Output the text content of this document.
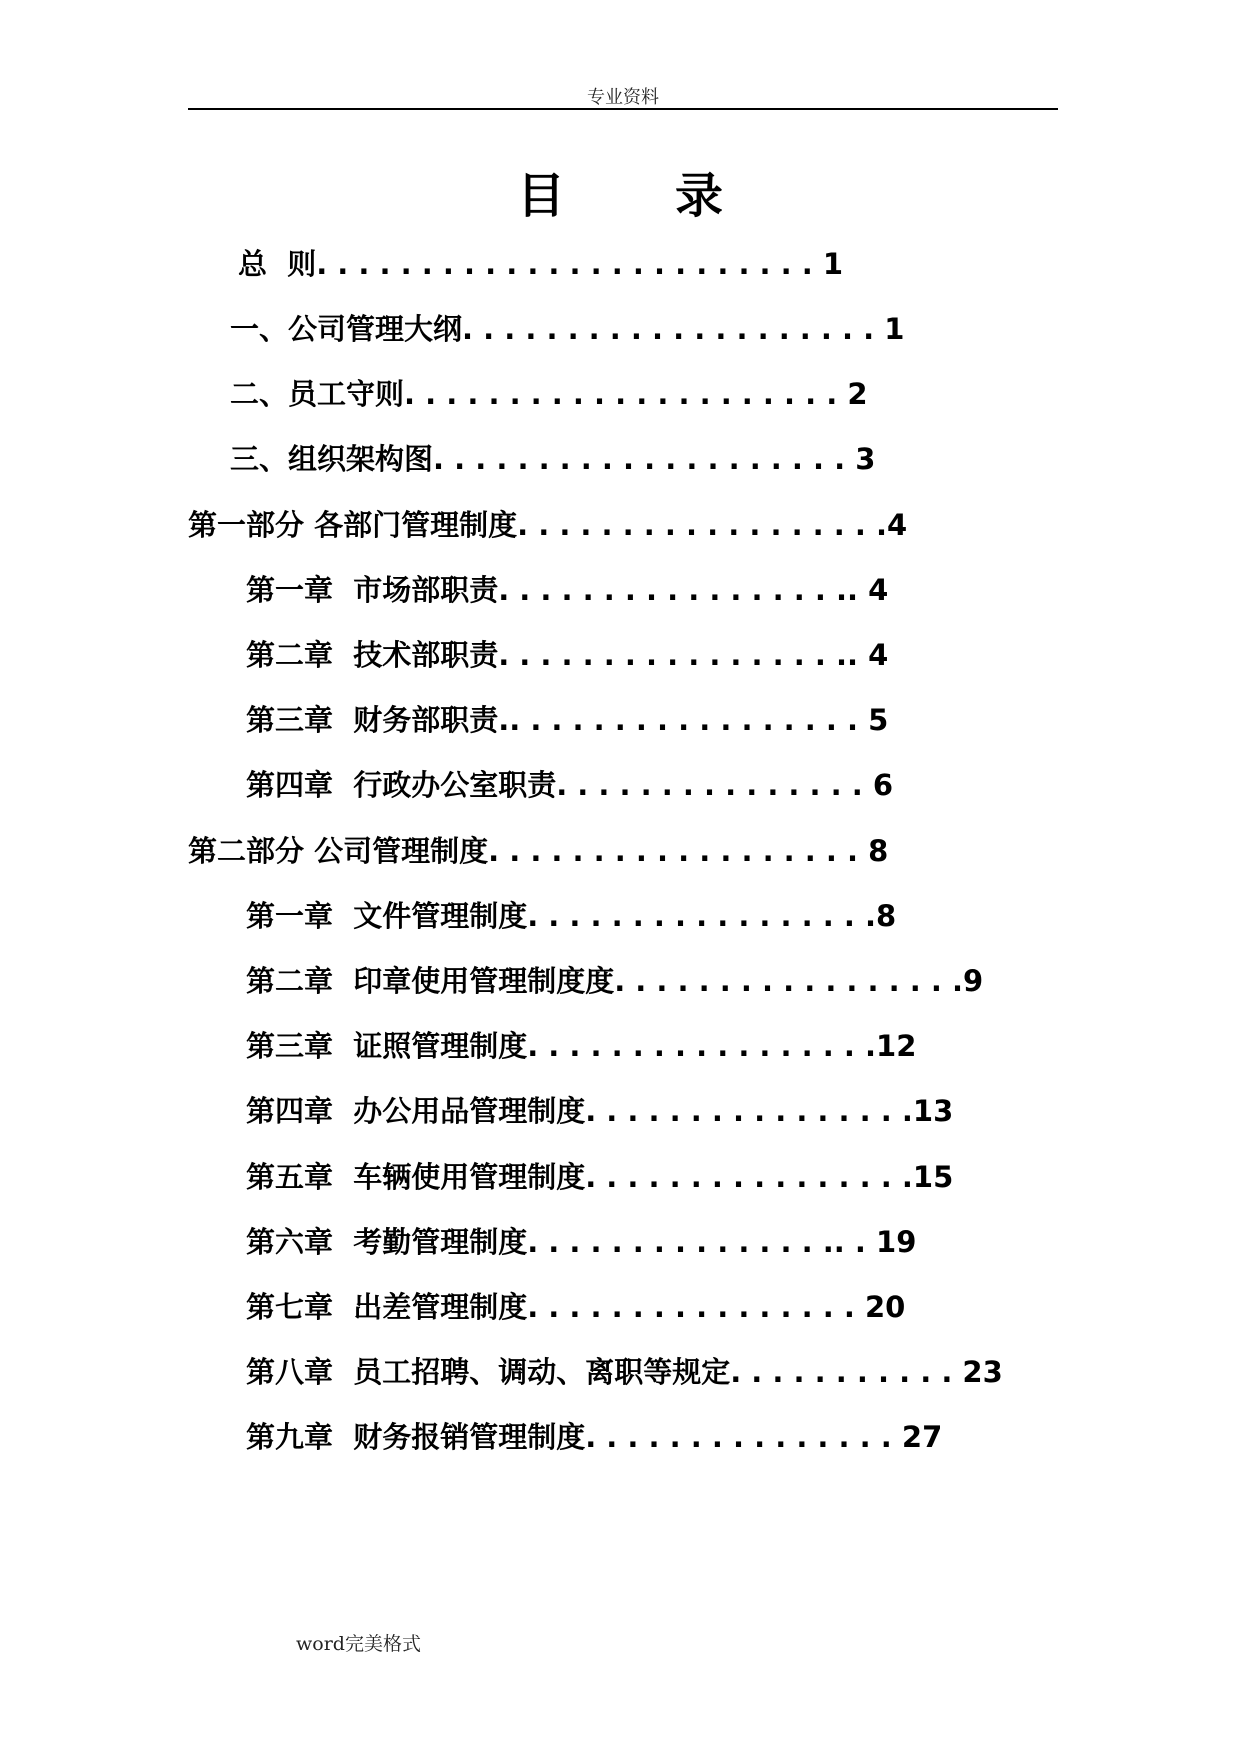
专业资料
目录
总  则. . . . . . . . . . . . . . . . . . . . . . . . 1
一、公司管理大纲. . . . . . . . . . . . . . . . . . . . 1
二、员工守则. . . . . . . . . . . . . . . . . . . . . 2
三、组织架构图. . . . . . . . . . . . . . . . . . . . 3
第一部分 各部门管理制度. . . . . . . . . . . . . . . . . .4
第一章  市场部职责. . . . . . . . . . . . . . . . .. 4
第二章  技术部职责. . . . . . . . . . . . . . . . .. 4
第三章  财务部职责.. . . . . . . . . . . . . . . . . 5
第四章  行政办公室职责. . . . . . . . . . . . . . . 6
第二部分 公司管理制度. . . . . . . . . . . . . . . . . . 8
第一章  文件管理制度. . . . . . . . . . . . . . . . .8
第二章  印章使用管理制度度. . . . . . . . . . . . . . . . .9
第三章  证照管理制度. . . . . . . . . . . . . . . . .12
第四章  办公用品管理制度. . . . . . . . . . . . . . . .13
第五章  车辆使用管理制度. . . . . . . . . . . . . . . .15
第六章  考勤管理制度. . . . . . . . . . . . . . .. . 19
第七章  出差管理制度. . . . . . . . . . . . . . . . 20
第八章  员工招聘、调动、离职等规定. . . . . . . . . . . 23
第九章  财务报销管理制度. . . . . . . . . . . . . . . 27
word完美格式
